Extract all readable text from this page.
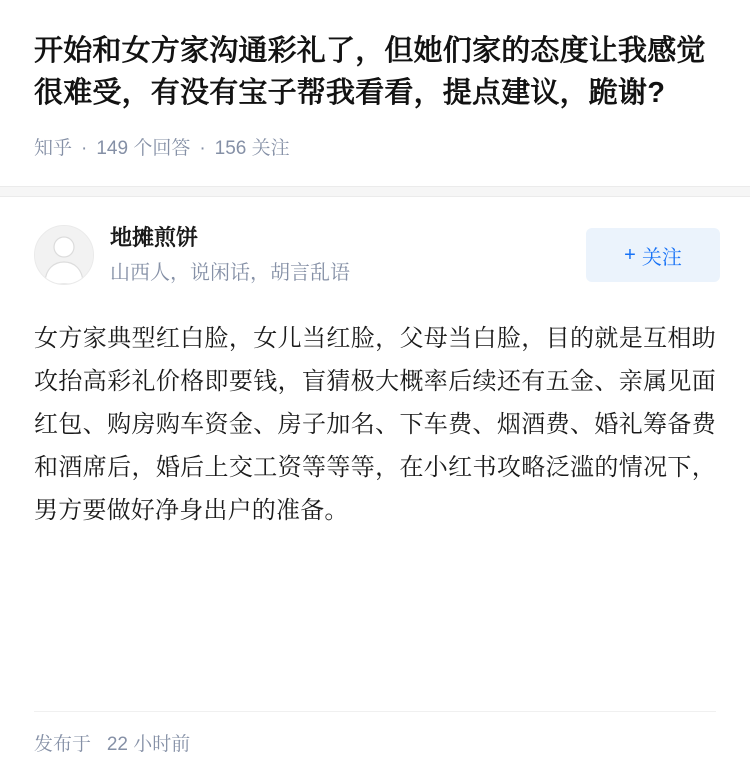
开始和女方家沟通彩礼了，但她们家的态度让我感觉很难受，有没有宝子帮我看看，提点建议，跪谢?
知乎 · 149
个回答 · 156
关注
地摊煎饼
山西人，说闲话，胡言乱语
+ 关注
女方家典型红白脸，女儿当红脸，父母当白脸，目的就是互相助攻抬高彩礼价格即要钱，盲猜极大概率后续还有五金、亲属见面红包、购房购车资金、房子加名、下车费、烟酒费、婚礼筹备费和酒席后，婚后上交工资等等等，在小红书攻略泛滥的情况下，男方要做好净身出户的准备。
发布于 22 小时前
